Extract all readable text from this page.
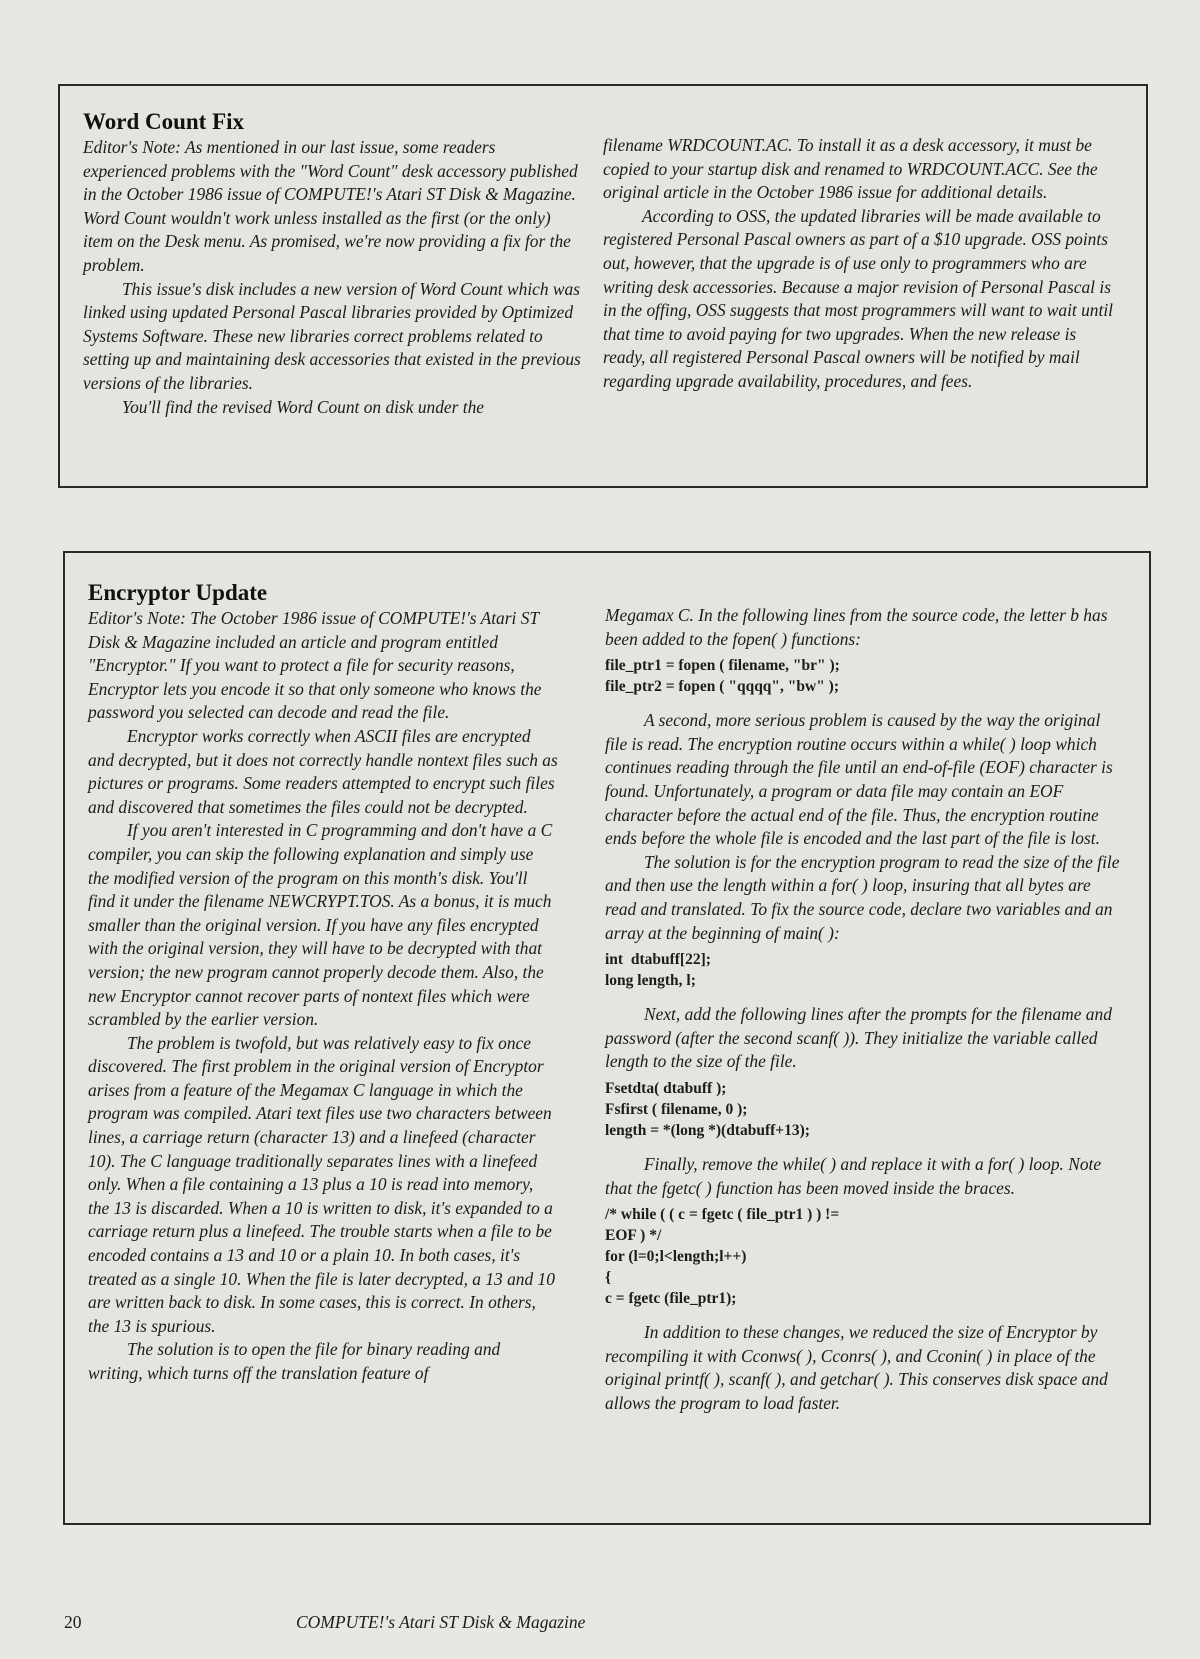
Word Count Fix

Editor's Note: As mentioned in our last issue, some readers experienced problems with the "Word Count" desk accessory published in the October 1986 issue of COMPUTE!'s Atari ST Disk & Magazine. Word Count wouldn't work unless installed as the first (or the only) item on the Desk menu. As promised, we're now providing a fix for the problem.

This issue's disk includes a new version of Word Count which was linked using updated Personal Pascal libraries provided by Optimized Systems Software. These new libraries correct problems related to setting up and maintaining desk accessories that existed in the previous versions of the libraries.

You'll find the revised Word Count on disk under the

filename WRDCOUNT.AC. To install it as a desk accessory, it must be copied to your startup disk and renamed to WRDCOUNT.ACC. See the original article in the October 1986 issue for additional details.

According to OSS, the updated libraries will be made available to registered Personal Pascal owners as part of a $10 upgrade. OSS points out, however, that the upgrade is of use only to programmers who are writing desk accessories. Because a major revision of Personal Pascal is in the offing, OSS suggests that most programmers will want to wait until that time to avoid paying for two upgrades. When the new release is ready, all registered Personal Pascal owners will be notified by mail regarding upgrade availability, procedures, and fees.

Encryptor Update

Editor's Note: The October 1986 issue of COMPUTE!'s Atari ST Disk & Magazine included an article and program entitled "Encryptor." If you want to protect a file for security reasons, Encryptor lets you encode it so that only someone who knows the password you selected can decode and read the file.

Encryptor works correctly when ASCII files are encrypted and decrypted, but it does not correctly handle nontext files such as pictures or programs. Some readers attempted to encrypt such files and discovered that sometimes the files could not be decrypted.

If you aren't interested in C programming and don't have a C compiler, you can skip the following explanation and simply use the modified version of the program on this month's disk. You'll find it under the filename NEWCRYPT.TOS. As a bonus, it is much smaller than the original version. If you have any files encrypted with the original version, they will have to be decrypted with that version; the new program cannot properly decode them. Also, the new Encryptor cannot recover parts of nontext files which were scrambled by the earlier version.

The problem is twofold, but was relatively easy to fix once discovered. The first problem in the original version of Encryptor arises from a feature of the Megamax C language in which the program was compiled. Atari text files use two characters between lines, a carriage return (character 13) and a linefeed (character 10). The C language traditionally separates lines with a linefeed only. When a file containing a 13 plus a 10 is read into memory, the 13 is discarded. When a 10 is written to disk, it's expanded to a carriage return plus a linefeed. The trouble starts when a file to be encoded contains a 13 and 10 or a plain 10. In both cases, it's treated as a single 10. When the file is later decrypted, a 13 and 10 are written back to disk. In some cases, this is correct. In others, the 13 is spurious.

The solution is to open the file for binary reading and writing, which turns off the translation feature of

Megamax C. In the following lines from the source code, the letter b has been added to the fopen( ) functions:

file_ptr1 = fopen ( filename, "br" );
file_ptr2 = fopen ( "qqqq", "bw" );

A second, more serious problem is caused by the way the original file is read. The encryption routine occurs within a while( ) loop which continues reading through the file until an end-of-file (EOF) character is found. Unfortunately, a program or data file may contain an EOF character before the actual end of the file. Thus, the encryption routine ends before the whole file is encoded and the last part of the file is lost.

The solution is for the encryption program to read the size of the file and then use the length within a for( ) loop, insuring that all bytes are read and translated. To fix the source code, declare two variables and an array at the beginning of main( ):

int  dtabuff[22];
long length, l;

Next, add the following lines after the prompts for the filename and password (after the second scanf( )). They initialize the variable called length to the size of the file.

Fsetdta( dtabuff );
Fsfirst ( filename, 0 );
length = *(long *)(dtabuff+13);

Finally, remove the while( ) and replace it with a for( ) loop. Note that the fgetc( ) function has been moved inside the braces.

/* while ( ( c = fgetc ( file_ptr1 ) ) !=
EOF ) */
for (l=0;l<length;l++)
{
c = fgetc (file_ptr1);

In addition to these changes, we reduced the size of Encryptor by recompiling it with Cconws( ), Cconrs( ), and Cconin( ) in place of the original printf( ), scanf( ), and getchar( ). This conserves disk space and allows the program to load faster.

20	COMPUTE!'s Atari ST Disk & Magazine
